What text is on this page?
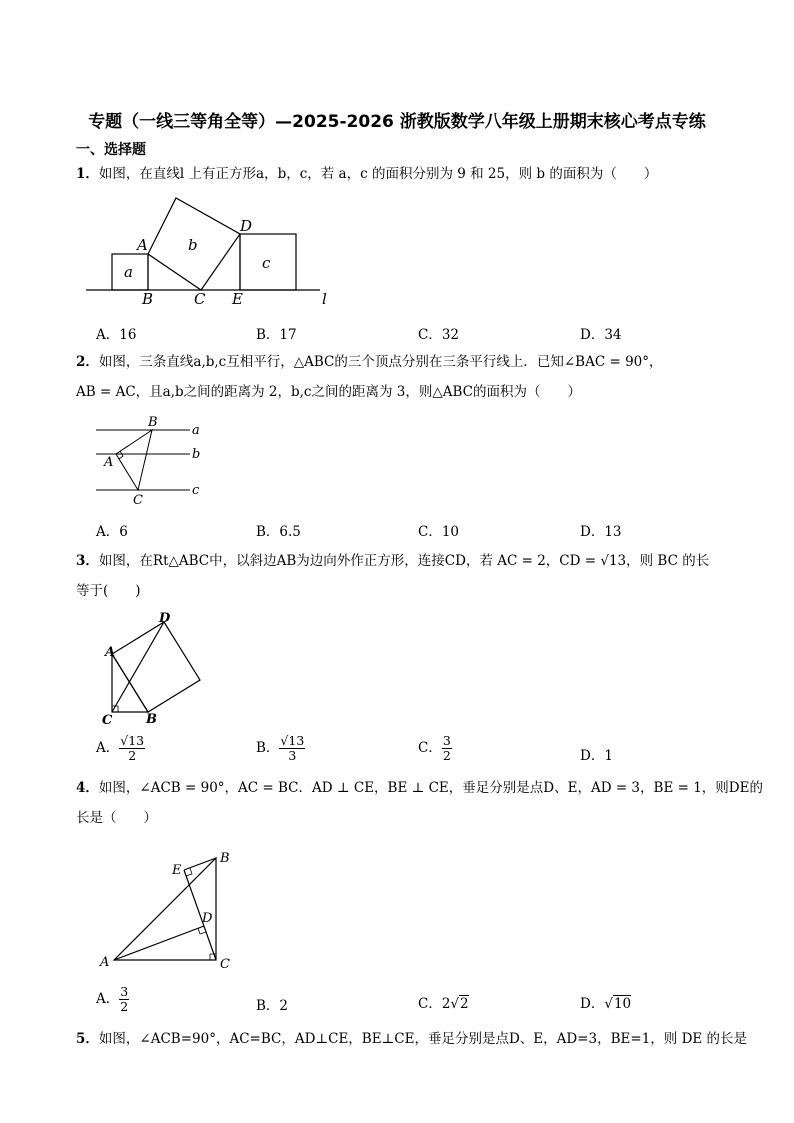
专题（一线三等角全等）—2025-2026 浙教版数学八年级上册期末核心考点专练
一、选择题
1．如图，在直线l 上有正方形a，b，c，若 a，c 的面积分别为 9 和 25，则 b 的面积为（　　）
A
B	C
D
E	l
a
b
c
A．16	B．17	C．32	D．34
2．如图，三条直线a,b,c互相平行，△ABC的三个顶点分别在三条平行线上．已知∠BAC = 90°，
AB = AC，且a,b之间的距离为 2，b,c之间的距离为 3，则△ABC的面积为（　　）
B
A
C
a
b
c
A．6	B．6.5	C．10	D．13
3．如图，在Rt△ABC中，以斜边AB为边向外作正方形，连接CD，若 AC = 2，CD = √13，则 BC 的长
等于(　　)
D
A
C	B
A． $\frac{√13}{2}$	B． $\frac{√13}{3}$	C． $\frac{3}{2}$	D．1
4．如图，∠ACB = 90°，AC = BC．AD ⊥ CE，BE ⊥ CE，垂足分别是点D、E，AD = 3，BE = 1，则DE的
长是（　　）
B
E
D
A	C
A． $\frac{3}{2}$	B．2	C．2√2	D．√10
5．如图，∠ACB=90°，AC=BC，AD⊥CE，BE⊥CE，垂足分别是点D、E，AD=3，BE=1，则 DE 的长是
